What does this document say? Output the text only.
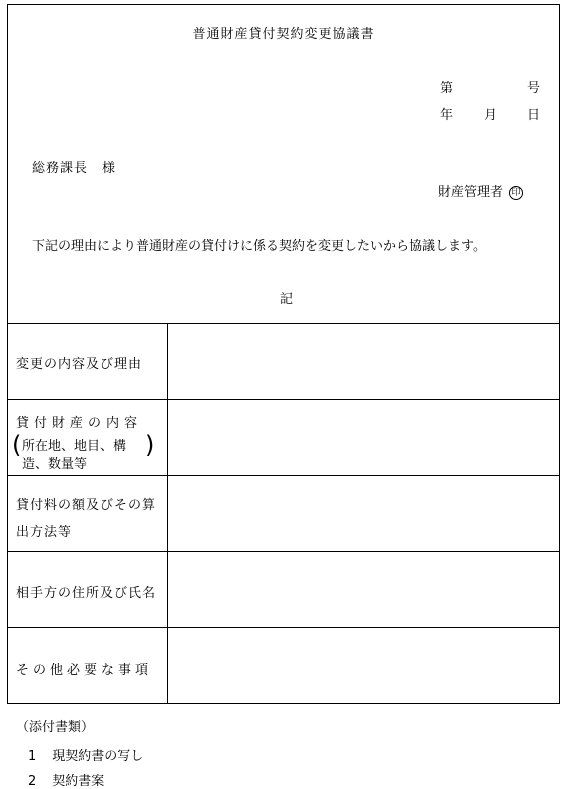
普通財産貸付契約変更協議書
第	号
年 月 日
総務課長　様
財産管理者 印
下記の理由により普通財産の貸付けに係る契約を変更したいから協議します。
記
変更の内容及び理由
貸付財産の内容
( 所在地、地目、構
造、数量等
)
貸付料の額及びその算
出方法等
相手方の住所及び氏名
その他必要な事項
（添付書類）
1 現契約書の写し
2 契約書案
